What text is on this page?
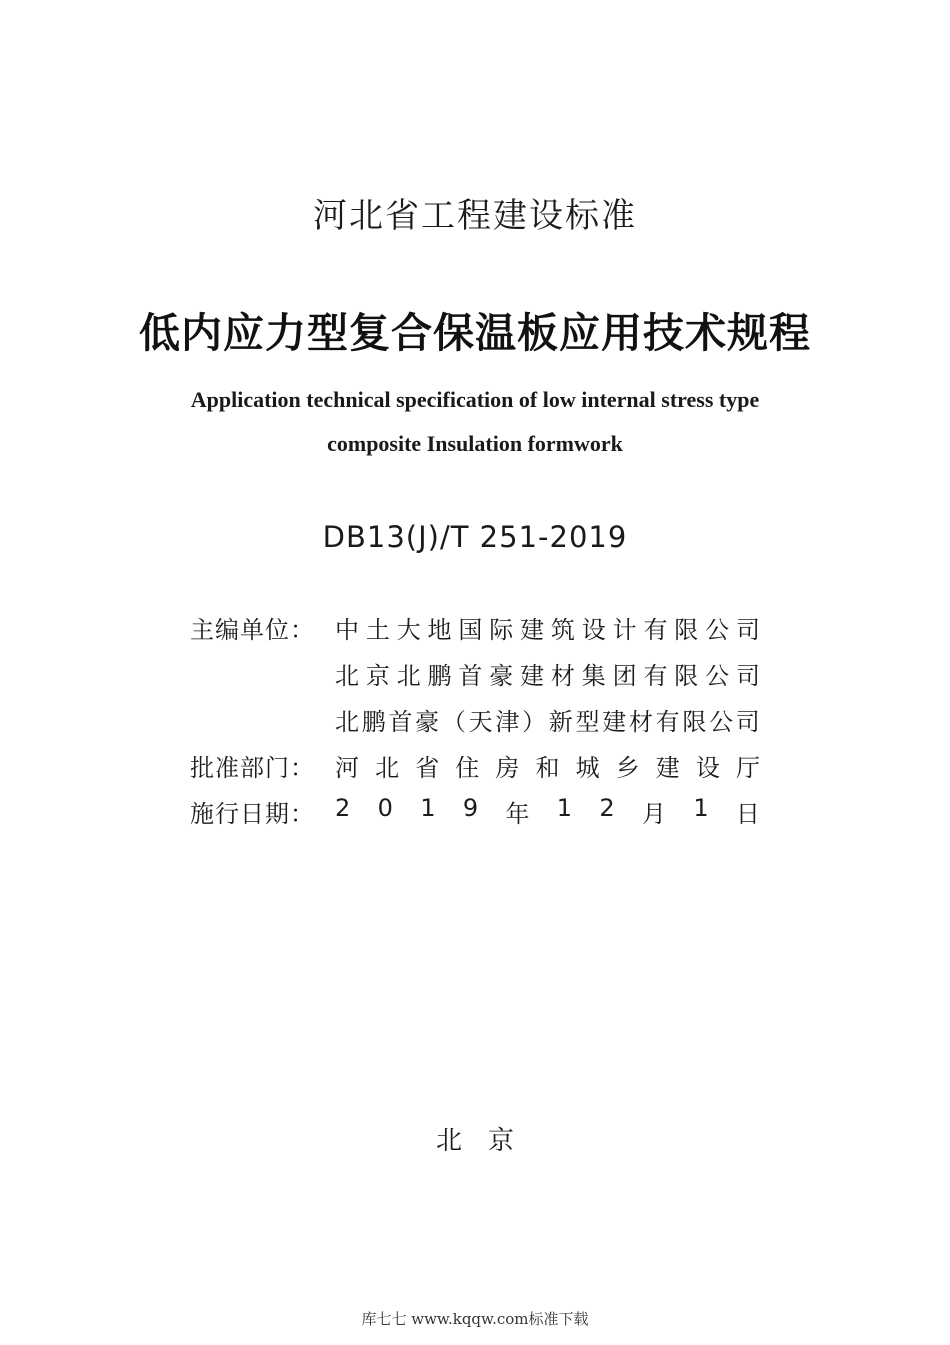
河北省工程建设标准
低内应力型复合保温板应用技术规程
Application technical specification of low internal stress type
composite Insulation formwork
DB13(J)/T 251-2019
主编单位： 中 土 大 地 国 际 建 筑 设 计 有 限 公 司
北 京 北 鹏 首 豪 建 材 集 团 有 限 公 司
北 鹏 首 豪 （ 天 津 ） 新 型 建 材 有 限 公 司
批准部门： 河 北 省 住 房 和 城 乡 建 设 厅
施行日期： 2 0 1 9 年 1 2 月 1 日
北京
库七七 www.kqqw.com标准下载
